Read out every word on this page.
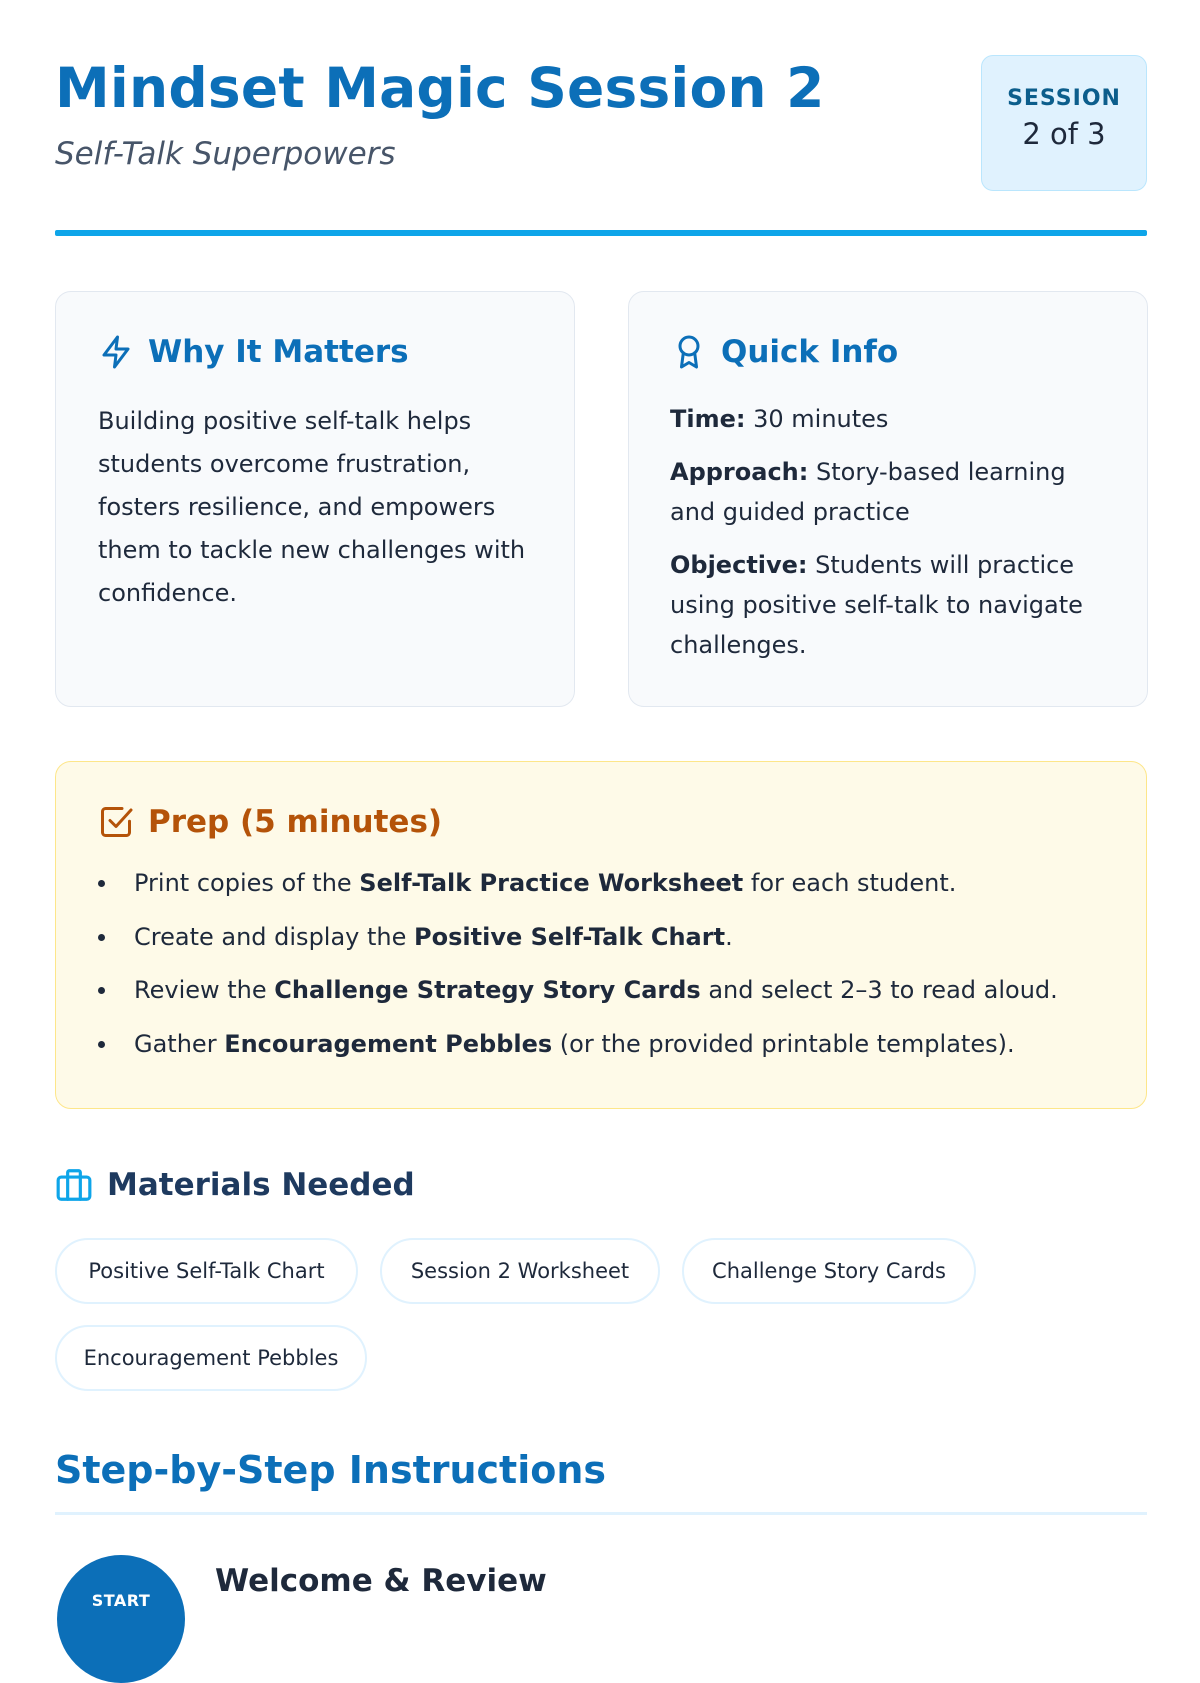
Mindset Magic Session 2
Self-Talk Superpowers
SESSION
2 of 3
Why It Matters
Building positive self-talk helps students overcome frustration, fosters resilience, and empowers them to tackle new challenges with confidence.
Quick Info
Time: 30 minutes
Approach: Story-based learning and guided practice
Objective: Students will practice using positive self-talk to navigate challenges.
Prep (5 minutes)
Print copies of the Self-Talk Practice Worksheet for each student.
Create and display the Positive Self-Talk Chart.
Review the Challenge Strategy Story Cards and select 2–3 to read aloud.
Gather Encouragement Pebbles (or the provided printable templates).
Materials Needed
Positive Self-Talk Chart	Session 2 Worksheet	Challenge Story Cards
Encouragement Pebbles
Step-by-Step Instructions
START
Welcome & Review
